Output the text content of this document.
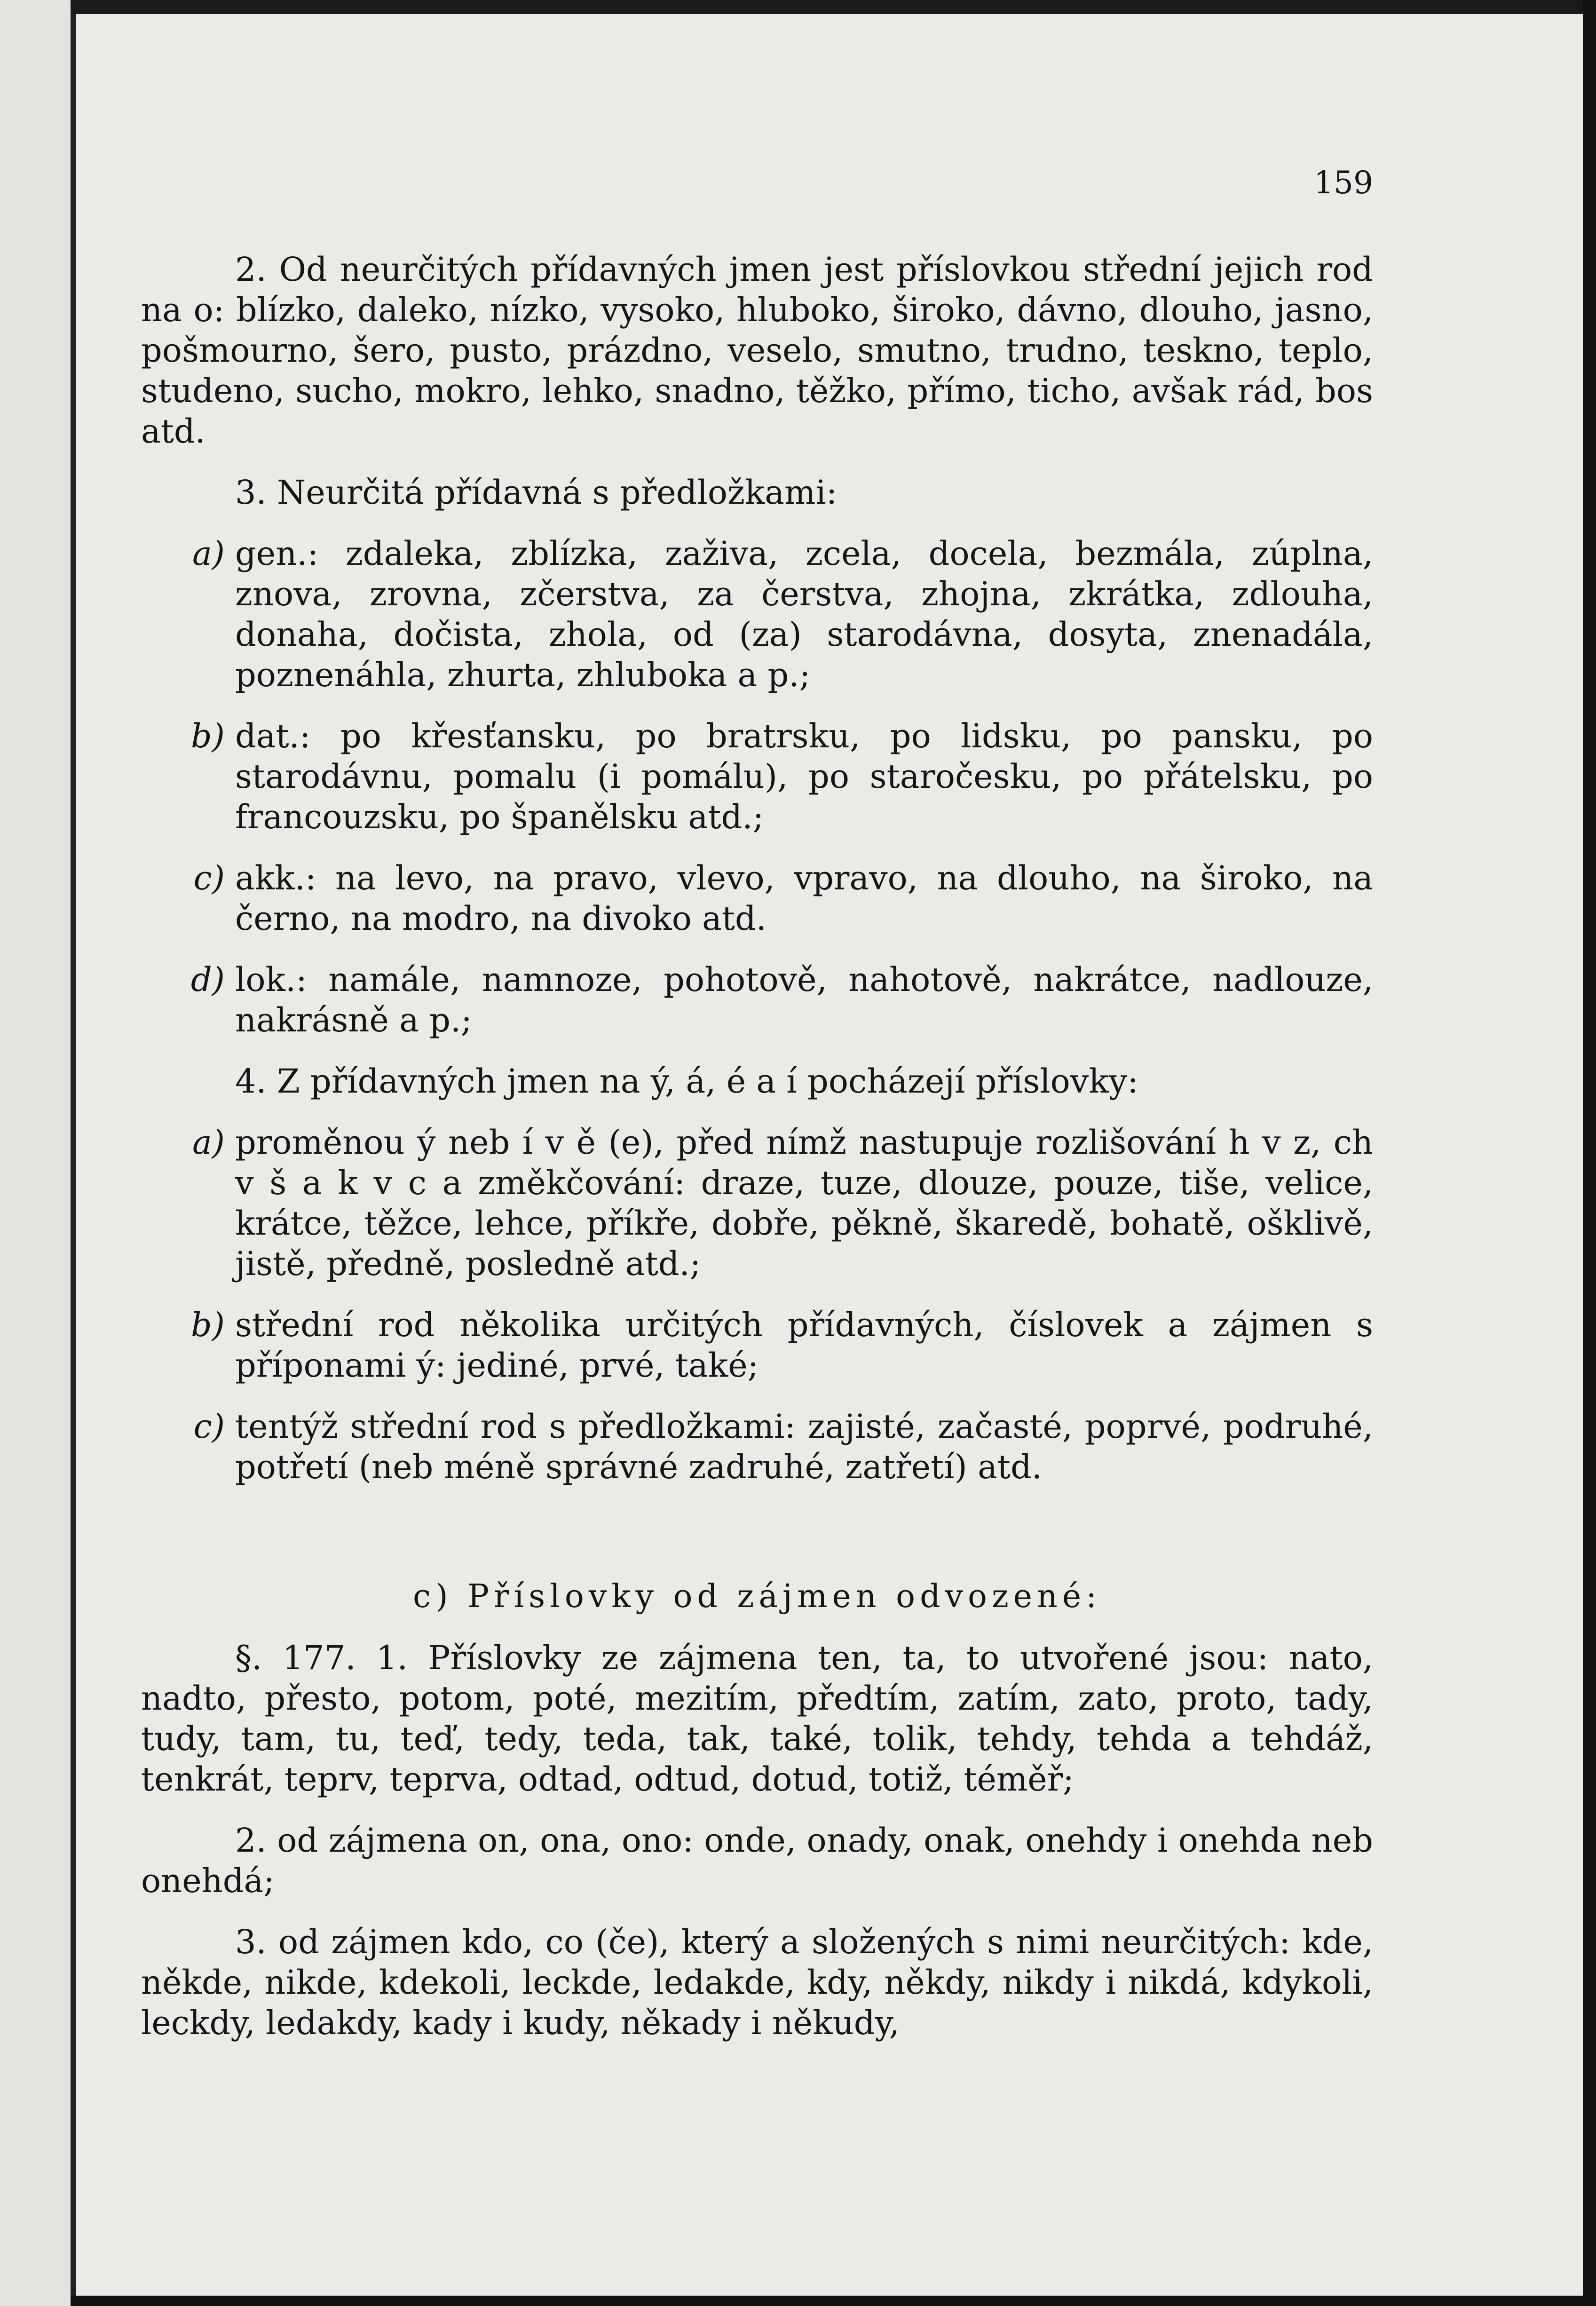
159

2. Od neurčitých přídavných jmen jest příslovkou střední jejich rod na o: blízko, daleko, nízko, vysoko, hluboko, široko, dávno, dlouho, jasno, pošmourno, šero, pusto, prázdno, veselo, smutno, trudno, teskno, teplo, studeno, sucho, mokro, lehko, snadno, těžko, přímo, ticho, avšak rád, bos atd.

3. Neurčitá přídavná s předložkami:

a) gen.: zdaleka, zblízka, zaživa, zcela, docela, bezmála, zúplna, znova, zrovna, zčerstva, za čerstva, zhojna, zkrátka, zdlouha, donaha, dočista, zhola, od (za) starodávna, dosyta, znenadála, poznenáhla, zhurta, zhluboka a p.;
b) dat.: po křesťansku, po bratrsku, po lidsku, po pansku, po starodávnu, pomalu (i pomálu), po staročesku, po přátelsku, po francouzsku, po španělsku atd.;
c) akk.: na levo, na pravo, vlevo, vpravo, na dlouho, na široko, na černo, na modro, na divoko atd.
d) lok.: namále, namnoze, pohotově, nahotově, nakrátce, nadlouze, nakrásně a p.;

4. Z přídavných jmen na ý, á, é a í pocházejí příslovky:

a) proměnou ý neb í v ě (e), před nímž nastupuje rozlišování h v z, ch v š a k v c a změkčování: draze, tuze, dlouze, pouze, tiše, velice, krátce, těžce, lehce, příkře, dobře, pěkně, škaredě, bohatě, ošklivě, jistě, předně, posledně atd.;
b) střední rod několika určitých přídavných, číslovek a zájmen s příponami ý: jediné, prvé, také;
c) tentýž střední rod s předložkami: zajisté, začasté, poprvé, podruhé, potřetí (neb méně správné zadruhé, zatřetí) atd.

c) Příslovky od zájmen odvozené:

§. 177. 1. Příslovky ze zájmena ten, ta, to utvořené jsou: nato, nadto, přesto, potom, poté, mezitím, předtím, zatím, zato, proto, tady, tudy, tam, tu, teď, tedy, teda, tak, také, tolik, tehdy, tehda a tehdáž, tenkrát, teprv, teprva, odtad, odtud, dotud, totiž, téměř;

2. od zájmena on, ona, ono: onde, onady, onak, onehdy i onehda neb onehdá;

3. od zájmen kdo, co (če), který a složených s nimi neurčitých: kde, někde, nikde, kdekoli, leckde, ledakde, kdy, někdy, nikdy i nikdá, kdykoli, leckdy, ledakdy, kady i kudy, někady i někudy,
